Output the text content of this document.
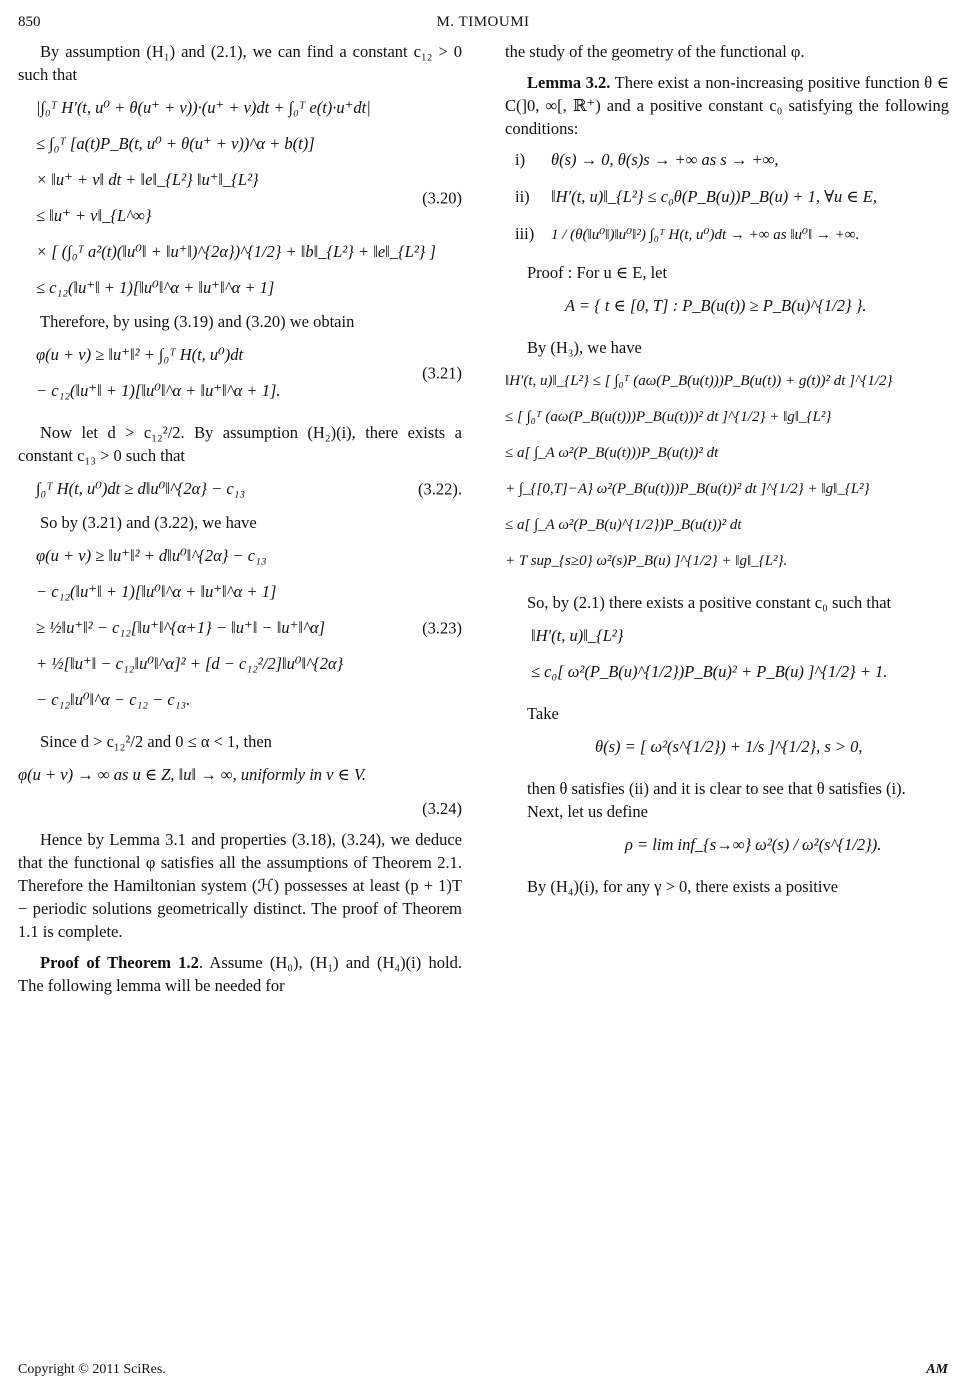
850	M. TIMOUMI

By assumption (H₁) and (2.1), we can find a constant c₁₂ > 0 such that

|∫₀ᵀ H′(t, u⁰ + θ(u⁺ + v))·(u⁺ + v)dt + ∫₀ᵀ e(t)·u⁺dt|
≤ ∫₀ᵀ [a(t)P_B(t, u⁰ + θ(u⁺ + v))^α + b(t)]
× ‖u⁺ + v‖ dt + ‖e‖_{L²} ‖u⁺‖_{L²}
≤ ‖u⁺ + v‖_{L^∞}
× [ (∫₀ᵀ a²(t)(‖u⁰‖ + ‖u⁺‖)^{2α})^{1/2} + ‖b‖_{L²} + ‖e‖_{L²} ]
≤ c₁₂(‖u⁺‖ + 1)[‖u⁰‖^α + ‖u⁺‖^α + 1]
(3.20)

Therefore, by using (3.19) and (3.20) we obtain

φ(u + v) ≥ ‖u⁺‖² + ∫₀ᵀ H(t, u⁰)dt
− c₁₂(‖u⁺‖ + 1)[‖u⁰‖^α + ‖u⁺‖^α + 1].
(3.21)

Now let d > c₁₂²/2. By assumption (H₂)(i), there exists a constant c₁₃ > 0 such that

∫₀ᵀ H(t, u⁰)dt ≥ d‖u⁰‖^{2α} − c₁₃	(3.22).

So by (3.21) and (3.22), we have

φ(u + v) ≥ ‖u⁺‖² + d‖u⁰‖^{2α} − c₁₃
− c₁₂(‖u⁺‖ + 1)[‖u⁰‖^α + ‖u⁺‖^α + 1]
≥ ½‖u⁺‖² − c₁₂[‖u⁺‖^{α+1} − ‖u⁺‖ − ‖u⁺‖^α]
+ ½[‖u⁺‖ − c₁₂‖u⁰‖^α]² + [d − c₁₂²/2]‖u⁰‖^{2α}
− c₁₂‖u⁰‖^α − c₁₂ − c₁₃.
(3.23)

Since d > c₁₂²/2 and 0 ≤ α < 1, then

φ(u + v) → ∞ as u ∈ Z, ‖u‖ → ∞, uniformly in v ∈ V.
(3.24)

Hence by Lemma 3.1 and properties (3.18), (3.24), we deduce that the functional φ satisfies all the assumptions of Theorem 2.1. Therefore the Hamiltonian system (ℋ) possesses at least (p + 1)T − periodic solutions geometrically distinct. The proof of Theorem 1.1 is complete.

Proof of Theorem 1.2. Assume (H₀), (H₁) and (H₄)(i) hold. The following lemma will be needed for

the study of the geometry of the functional φ.

Lemma 3.2. There exist a non-increasing positive function θ ∈ C(]0, ∞[, ℝ⁺) and a positive constant c₀ satisfying the following conditions:

i) θ(s) → 0, θ(s)s → +∞ as s → +∞,
ii) ‖H′(t, u)‖_{L²} ≤ c₀θ(P_B(u))P_B(u) + 1, ∀u ∈ E,
iii) 1 / (θ(‖u⁰‖)‖u⁰‖²) ∫₀ᵀ H(t, u⁰)dt → +∞ as ‖u⁰‖ → +∞.

Proof : For u ∈ E, let

A = { t ∈ [0, T] : P_B(u(t)) ≥ P_B(u)^{1/2} }.

By (H₃), we have

‖H′(t, u)‖_{L²} ≤ [ ∫₀ᵀ (aω(P_B(u(t)))P_B(u(t)) + g(t))² dt ]^{1/2}
≤ [ ∫₀ᵀ (aω(P_B(u(t)))P_B(u(t)))² dt ]^{1/2} + ‖g‖_{L²}
≤ a[ ∫_A ω²(P_B(u(t)))P_B(u(t))² dt
+ ∫_{[0,T]−A} ω²(P_B(u(t)))P_B(u(t))² dt ]^{1/2} + ‖g‖_{L²}
≤ a[ ∫_A ω²(P_B(u)^{1/2})P_B(u(t))² dt
+ T sup_{s≥0} ω²(s)P_B(u) ]^{1/2} + ‖g‖_{L²}.

So, by (2.1) there exists a positive constant c₀ such that

‖H′(t, u)‖_{L²}
≤ c₀[ ω²(P_B(u)^{1/2})P_B(u)² + P_B(u) ]^{1/2} + 1.

Take

θ(s) = [ ω²(s^{1/2}) + 1/s ]^{1/2}, s > 0,

then θ satisfies (ii) and it is clear to see that θ satisfies (i).

Next, let us define

ρ = lim inf_{s→∞} ω²(s) / ω²(s^{1/2}).

By (H₄)(i), for any γ > 0, there exists a positive

Copyright © 2011 SciRes.	AM
